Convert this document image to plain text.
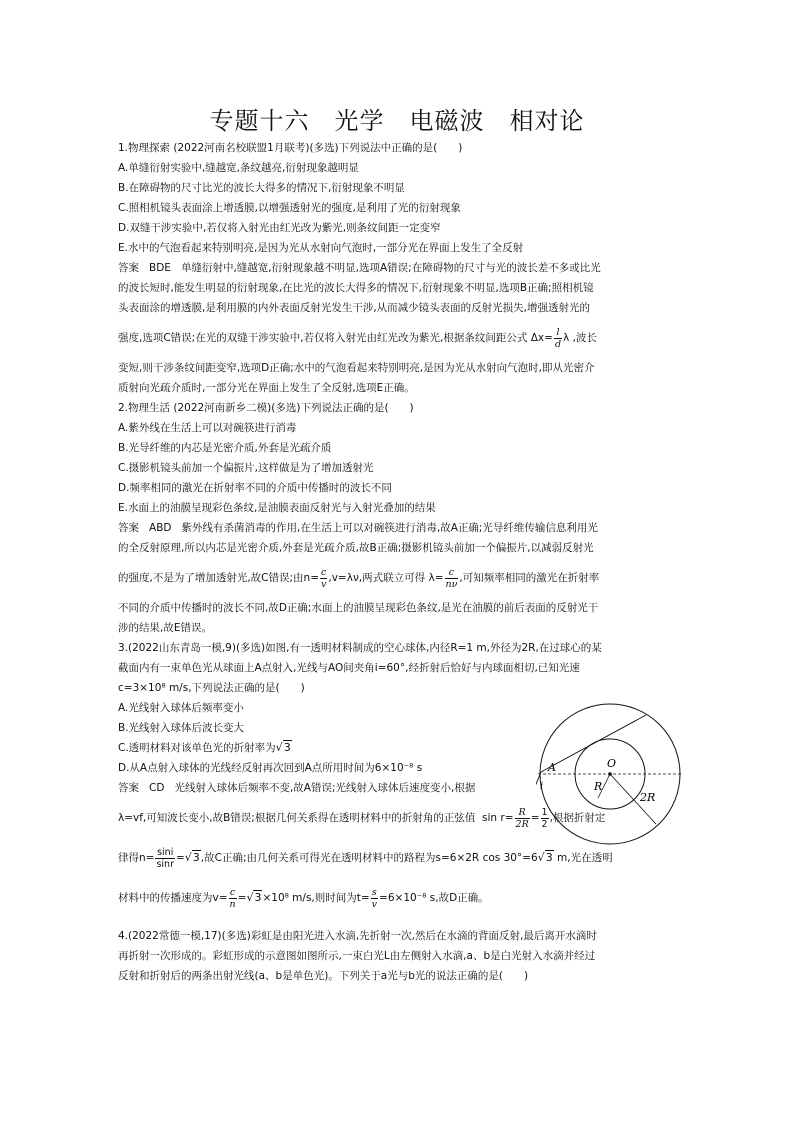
专题十六　光学　电磁波　相对论
1.物理探索 (2022河南名校联盟1月联考)(多选)下列说法中正确的是(　　)
A.单缝衍射实验中,缝越宽,条纹越亮,衍射现象越明显
B.在障碍物的尺寸比光的波长大得多的情况下,衍射现象不明显
C.照相机镜头表面涂上增透膜,以增强透射光的强度,是利用了光的衍射现象
D.双缝干涉实验中,若仅将入射光由红光改为紫光,则条纹间距一定变窄
E.水中的气泡看起来特别明亮,是因为光从水射向气泡时,一部分光在界面上发生了全反射
答案 BDE 单缝衍射中,缝越宽,衍射现象越不明显,选项A错误;在障碍物的尺寸与光的波长差不多或比光
的波长短时,能发生明显的衍射现象,在比光的波长大得多的情况下,衍射现象不明显,选项B正确;照相机镜
头表面涂的增透膜,是利用膜的内外表面反射光发生干涉,从而减少镜头表面的反射光损失,增强透射光的
强度,选项C错误;在光的双缝干涉实验中,若仅将入射光由红光改为紫光,根据条纹间距公式 $\Delta x= \frac{l}{d}$ λ ,波长
变短,则干涉条纹间距变窄,选项D正确;水中的气泡看起来特别明亮,是因为光从水射向气泡时,即从光密介
质射向光疏介质时,一部分光在界面上发生了全反射,选项E正确。
2.物理生活 (2022河南新乡二模)(多选)下列说法正确的是(　　)
A.紫外线在生活上可以对碗筷进行消毒
B.光导纤维的内芯是光密介质,外套是光疏介质
C.摄影机镜头前加一个偏振片,这样做是为了增加透射光
D.频率相同的激光在折射率不同的介质中传播时的波长不同
E.水面上的油膜呈现彩色条纹,是油膜表面反射光与入射光叠加的结果
答案 ABD 紫外线有杀菌消毒的作用,在生活上可以对碗筷进行消毒,故A正确;光导纤维传输信息利用光
的全反射原理,所以内芯是光密介质,外套是光疏介质,故B正确;摄影机镜头前加一个偏振片,以减弱反射光
的强度,不是为了增加透射光,故C错误;由$n= \frac{c}{v} ,v=\lambda\nu$,两式联立可得 $\lambda= \frac{c}{n\nu}$ ,可知频率相同的激光在折射率
不同的介质中传播时的波长不同,故D正确;水面上的油膜呈现彩色条纹,是光在油膜的前后表面的反射光干
涉的结果,故E错误。
3.(2022山东青岛一模,9)(多选)如图,有一透明材料制成的空心球体,内径R=1 m,外径为2R,在过球心的某
截面内有一束单色光从球面上A点射入,光线与AO间夹角i=60°,经折射后恰好与内球面相切,已知光速
c=3×10⁸ m/s,下列说法正确的是(　　)
A.光线射入球体后频率变小
B.光线射入球体后波长变大
C.透明材料对该单色光的折射率为√3
D.从A点射入球体的光线经反射再次回到A点所用时间为6×10⁻⁸ s
答案 CD 光线射入球体后频率不变,故A错误;光线射入球体后速度变小,根据
λ=vf,可知波长变小,故B错误;根据几何关系得在透明材料中的折射角的正弦值 $\sin r= \frac{R}{2R} = \frac{1}{2}$ ,根据折射定
律得$n= \frac{\sin i}{\sin r} =√3$,故C正确;由几何关系可得光在透明材料中的路程为s=6×2R cos 30°=6√3 m,光在透明
材料中的传播速度为$v= \frac{c}{n} =√3\times 10^8$ m/s,则时间为$t= \frac{s}{v} =6\times 10^{-8}$ s,故D正确。
4.(2022常德一模,17)(多选)彩虹是由阳光进入水滴,先折射一次,然后在水滴的背面反射,最后离开水滴时
再折射一次形成的。彩虹形成的示意图如图所示,一束白光L由左侧射入水滴,a、b是白光射入水滴并经过
反射和折射后的两条出射光线(a、b是单色光)。下列关于a光与b光的说法正确的是(　　)
A	O
R
2R
i
